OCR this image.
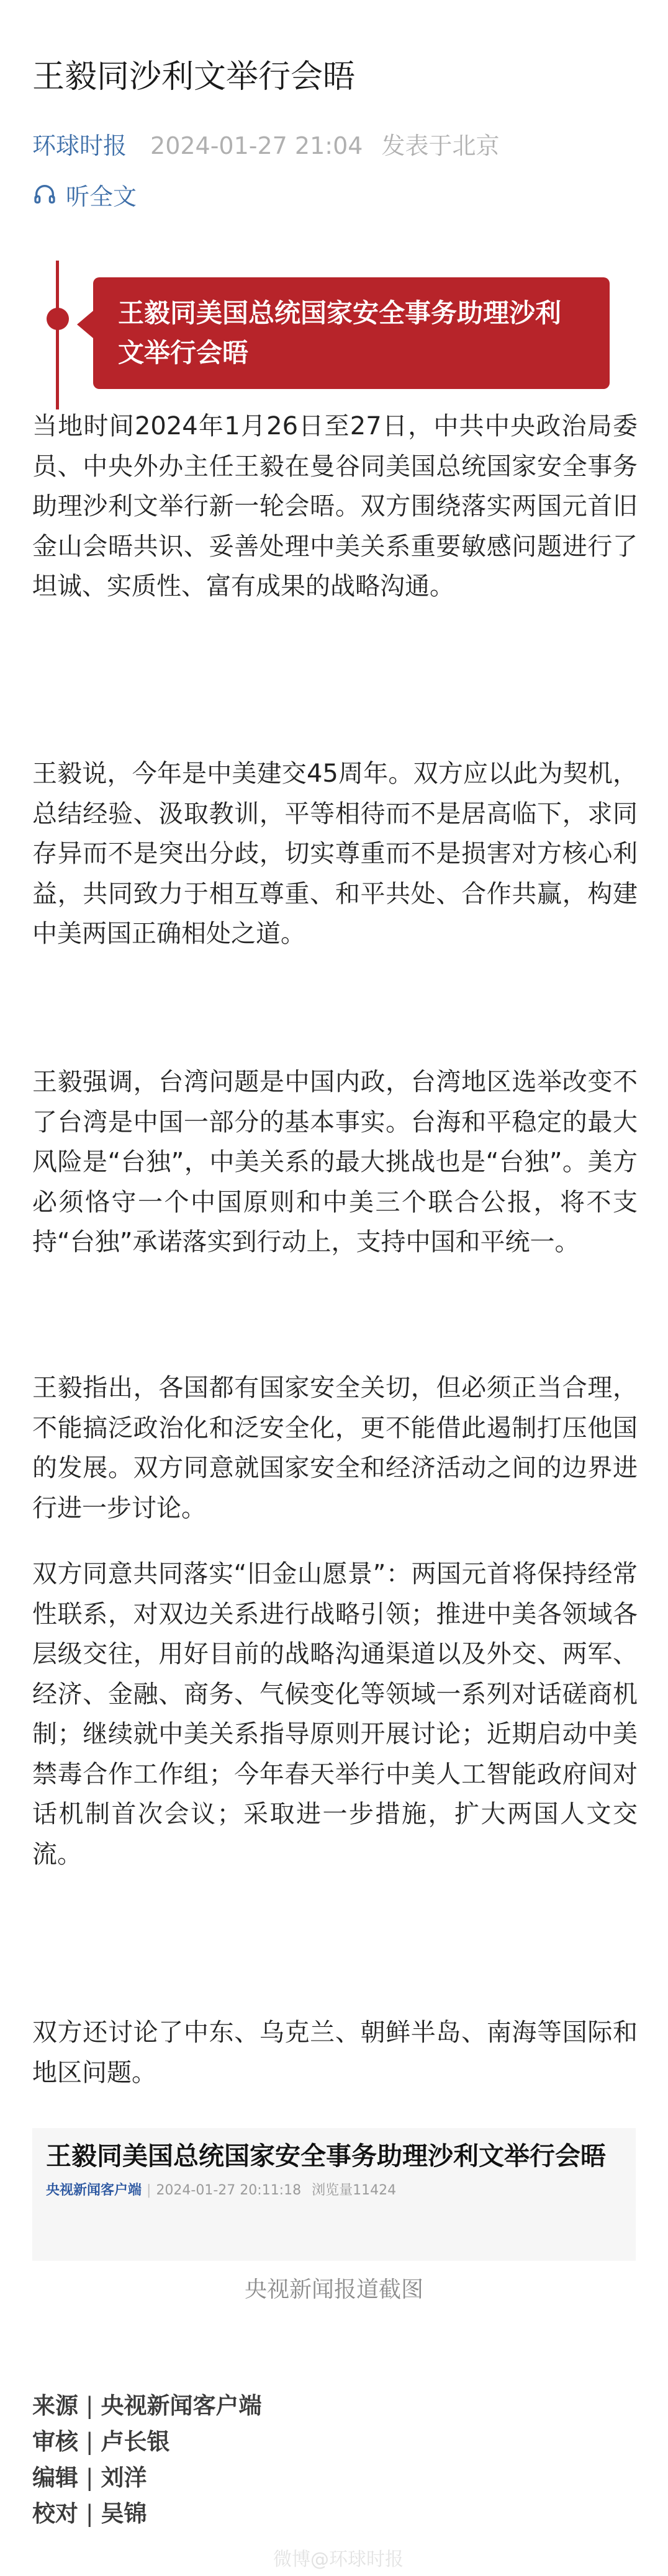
王毅同沙利文举行会晤
环球时报 2024-01-27 21:04 发表于北京
听全文
王毅同美国总统国家安全事务助理沙利文举行会晤

当地时间2024年1月26日至27日，中共中央政治局委员、中央外办主任王毅在曼谷同美国总统国家安全事务助理沙利文举行新一轮会晤。双方围绕落实两国元首旧金山会晤共识、妥善处理中美关系重要敏感问题进行了坦诚、实质性、富有成果的战略沟通。

王毅说，今年是中美建交45周年。双方应以此为契机，总结经验、汲取教训，平等相待而不是居高临下，求同存异而不是突出分歧，切实尊重而不是损害对方核心利益，共同致力于相互尊重、和平共处、合作共赢，构建中美两国正确相处之道。

王毅强调，台湾问题是中国内政，台湾地区选举改变不了台湾是中国一部分的基本事实。台海和平稳定的最大风险是“台独”，中美关系的最大挑战也是“台独”。美方必须恪守一个中国原则和中美三个联合公报，将不支持“台独”承诺落实到行动上，支持中国和平统一。

王毅指出，各国都有国家安全关切，但必须正当合理，不能搞泛政治化和泛安全化，更不能借此遏制打压他国的发展。双方同意就国家安全和经济活动之间的边界进行进一步讨论。

双方同意共同落实“旧金山愿景”：两国元首将保持经常性联系，对双边关系进行战略引领；推进中美各领域各层级交往，用好目前的战略沟通渠道以及外交、两军、经济、金融、商务、气候变化等领域一系列对话磋商机制；继续就中美关系指导原则开展讨论；近期启动中美禁毒合作工作组；今年春天举行中美人工智能政府间对话机制首次会议；采取进一步措施，扩大两国人文交流。

双方还讨论了中东、乌克兰、朝鲜半岛、南海等国际和地区问题。

王毅同美国总统国家安全事务助理沙利文举行会晤
央视新闻客户端 | 2024-01-27 20:11:18 浏览量11424
央视新闻报道截图
来源 | 央视新闻客户端
审核 | 卢长银
编辑 | 刘洋
校对 | 吴锦
微博@环球时报
